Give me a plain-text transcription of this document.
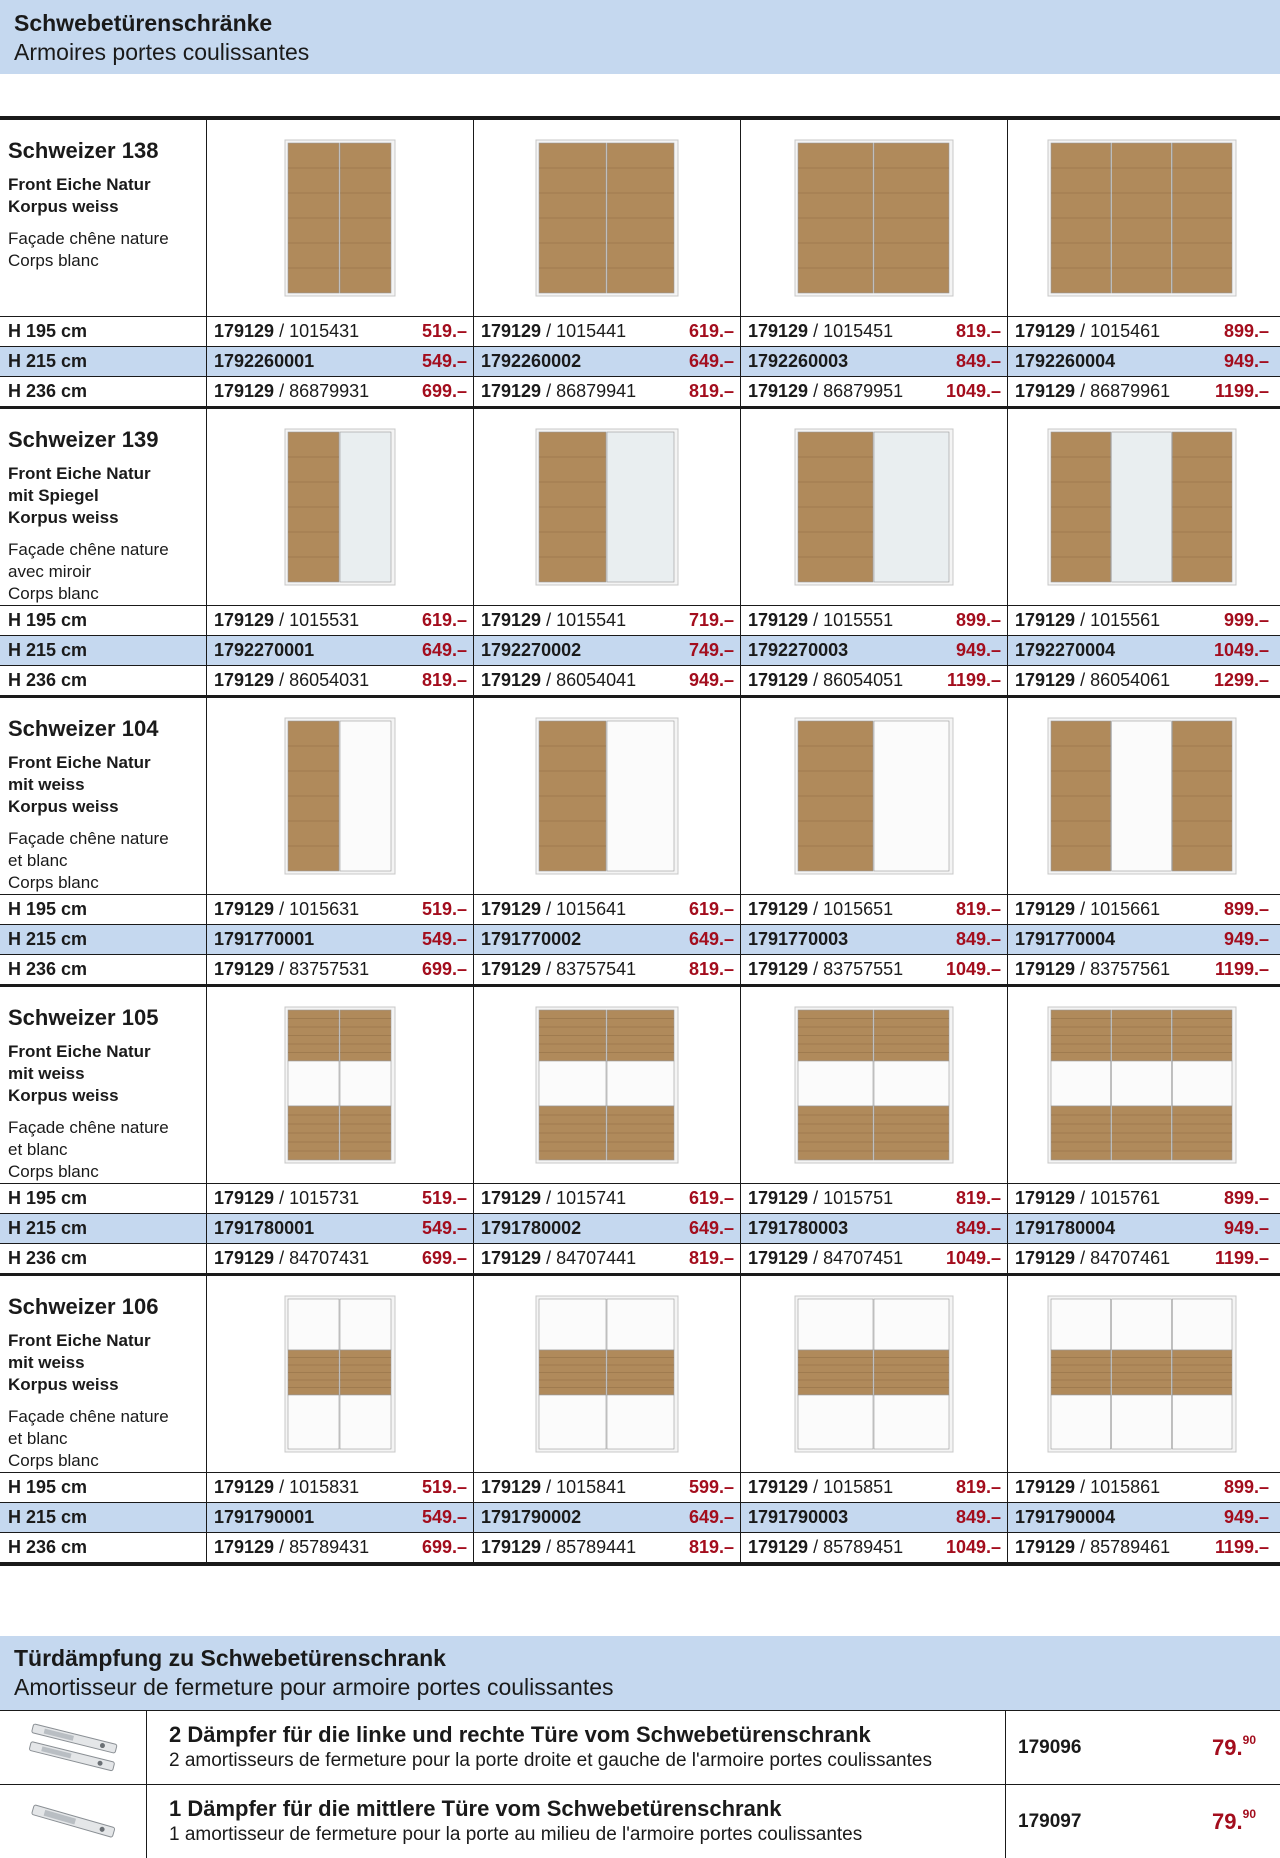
Schwebetürenschränke
Armoires portes coulissantes
Schweizer 138
Front Eiche Natur
Korpus weiss
Façade chêne nature
Corps blanc
H 195 cm	179129 / 1015431	519.– 179129 / 1015441	619.– 179129 / 1015451	819.– 179129 / 1015461	899.–
H 215 cm	1792260001	549.– 1792260002	649.– 1792260003	849.– 1792260004	949.–
H 236 cm	179129 / 86879931	699.– 179129 / 86879941	819.– 179129 / 86879951 1049.– 179129 / 86879961 1199.–
Schweizer 139
Front Eiche Natur
mit Spiegel
Korpus weiss
Façade chêne nature
avec miroir
Corps blanc
H 195 cm	179129 / 1015531	619.– 179129 / 1015541	719.– 179129 / 1015551	899.– 179129 / 1015561	999.–
H 215 cm	1792270001	649.– 1792270002	749.– 1792270003	949.– 1792270004	1049.–
H 236 cm	179129 / 86054031	819.– 179129 / 86054041	949.– 179129 / 86054051 1199.– 179129 / 86054061 1299.–
Schweizer 104
Front Eiche Natur
mit weiss
Korpus weiss
Façade chêne nature
et blanc
Corps blanc
H 195 cm	179129 / 1015631	519.– 179129 / 1015641	619.– 179129 / 1015651	819.– 179129 / 1015661	899.–
H 215 cm	1791770001	549.– 1791770002	649.– 1791770003	849.– 1791770004	949.–
H 236 cm	179129 / 83757531	699.– 179129 / 83757541	819.– 179129 / 83757551 1049.– 179129 / 83757561 1199.–
Schweizer 105
Front Eiche Natur
mit weiss
Korpus weiss
Façade chêne nature
et blanc
Corps blanc
H 195 cm	179129 / 1015731	519.– 179129 / 1015741	619.– 179129 / 1015751	819.– 179129 / 1015761	899.–
H 215 cm	1791780001	549.– 1791780002	649.– 1791780003	849.– 1791780004	949.–
H 236 cm	179129 / 84707431	699.– 179129 / 84707441	819.– 179129 / 84707451 1049.– 179129 / 84707461 1199.–
Schweizer 106
Front Eiche Natur
mit weiss
Korpus weiss
Façade chêne nature
et blanc
Corps blanc
H 195 cm	179129 / 1015831	519.– 179129 / 1015841	599.– 179129 / 1015851	819.– 179129 / 1015861	899.–
H 215 cm	1791790001	549.– 1791790002	649.– 1791790003	849.– 1791790004	949.–
H 236 cm	179129 / 85789431	699.– 179129 / 85789441	819.– 179129 / 85789451 1049.– 179129 / 85789461 1199.–
Türdämpfung zu Schwebetürenschrank
Amortisseur de fermeture pour armoire portes coulissantes
2 Dämpfer für die linke und rechte Türe vom Schwebetürenschrank
2 amortisseurs de fermeture pour la porte droite et gauche de l'armoire portes coulissantes
179096	79.90
1 Dämpfer für die mittlere Türe vom Schwebetürenschrank
1 amortisseur de fermeture pour la porte au milieu de l'armoire portes coulissantes
179097	79.90
